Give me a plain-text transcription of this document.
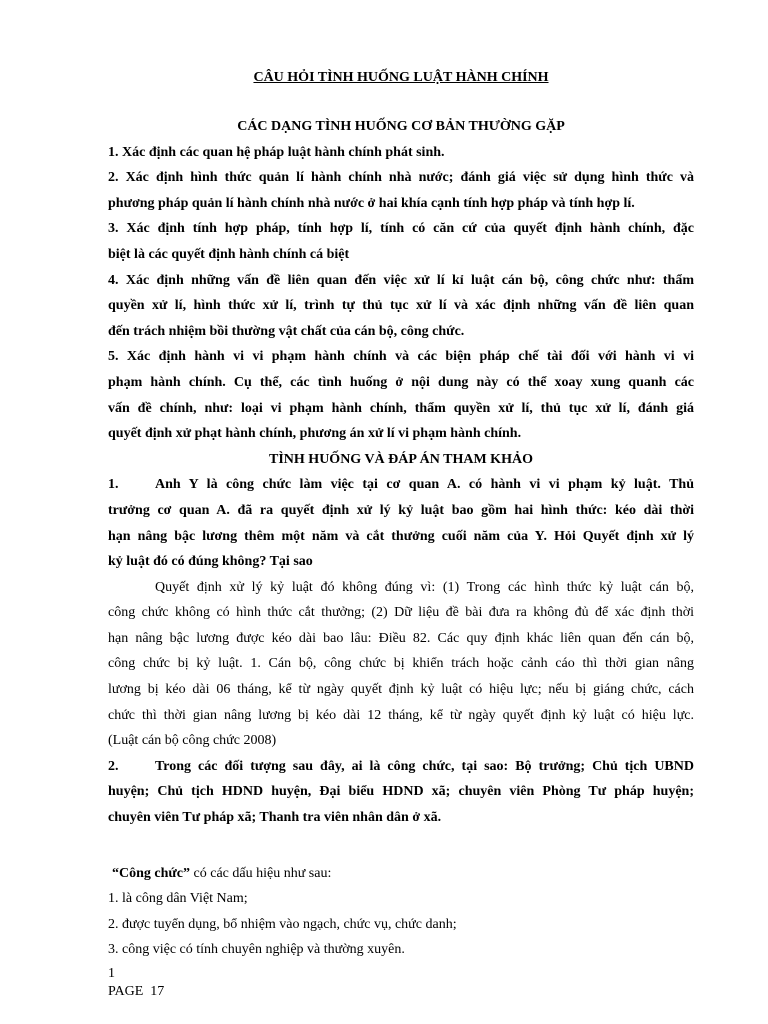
CÂU HỎI TÌNH HUỐNG LUẬT HÀNH CHÍNH

CÁC DẠNG TÌNH HUỐNG CƠ BẢN THƯỜNG GẶP

1. Xác định các quan hệ pháp luật hành chính phát sinh.

2. Xác định hình thức quản lí hành chính nhà nước; đánh giá việc sử dụng hình thức và

phương pháp quản lí hành chính nhà nước ở hai khía cạnh tính hợp pháp và tính hợp lí.

3. Xác định tính hợp pháp, tính hợp lí, tính có căn cứ của quyết định hành chính, đặc

biệt là các quyết định hành chính cá biệt

4. Xác định những vấn đề liên quan đến việc xử lí kỉ luật cán bộ, công chức như: thẩm

quyền xử lí, hình thức xử lí, trình tự thủ tục xử lí và xác định những vấn đề liên quan

đến trách nhiệm bồi thường vật chất của cán bộ, công chức.

5. Xác định hành vi vi phạm hành chính và các biện pháp chế tài đối với hành vi vi

phạm hành chính. Cụ thể, các tình huống ở nội dung này có thể xoay xung quanh các

vấn đề chính, như: loại vi phạm hành chính, thẩm quyền xử lí, thủ tục xử lí, đánh giá

quyết định xử phạt hành chính, phương án xử lí vi phạm hành chính.

TÌNH HUỐNG VÀ ĐÁP ÁN THAM KHẢO

1.	Anh Y là công chức làm việc tại cơ quan A. có hành vi vi phạm kỷ luật. Thủ

trưởng cơ quan A. đã ra quyết định xử lý kỷ luật bao gồm hai hình thức: kéo dài thời

hạn nâng bậc lương thêm một năm và cắt thưởng cuối năm của Y. Hỏi Quyết định xử lý

kỷ luật đó có đúng không? Tại sao

Quyết định xử lý kỷ luật đó không đúng vì: (1) Trong các hình thức kỷ luật cán bộ,

công chức không có hình thức cắt thưởng; (2) Dữ liệu đề bài đưa ra không đủ để xác định thời

hạn nâng bậc lương được kéo dài bao lâu: Điều 82. Các quy định khác liên quan đến cán bộ,

công chức bị kỷ luật. 1. Cán bộ, công chức bị khiển trách hoặc cảnh cáo thì thời gian nâng

lương bị kéo dài 06 tháng, kể từ ngày quyết định kỷ luật có hiệu lực; nếu bị giáng chức, cách

chức thì thời gian nâng lương bị kéo dài 12 tháng, kể từ ngày quyết định kỷ luật có hiệu lực.

(Luật cán bộ công chức 2008)

2.	Trong các đối tượng sau đây, ai là công chức, tại sao: Bộ trưởng; Chủ tịch UBND

huyện; Chủ tịch HDND huyện, Đại biểu HDND xã; chuyên viên Phòng Tư pháp huyện;

chuyên viên Tư pháp xã; Thanh tra viên nhân dân ở xã.

“Công chức” có các dấu hiệu như sau:

1. là công dân Việt Nam;

2. được tuyển dụng, bổ nhiệm vào ngạch, chức vụ, chức danh;

3. công việc có tính chuyên nghiệp và thường xuyên.

1
PAGE  17
